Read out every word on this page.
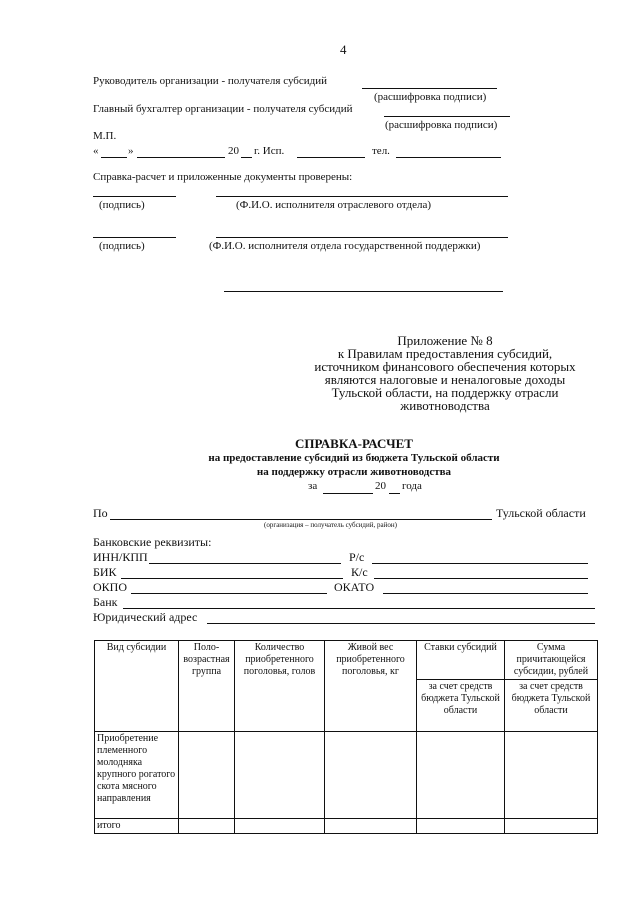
4
Руководитель организации - получателя субсидий
(расшифровка подписи)
Главный бухгалтер организации - получателя субсидий
(расшифровка подписи)
М.П.
«	»	20 г. Исп.	тел.
Справка-расчет и приложенные документы проверены:
(подпись)	(Ф.И.О. исполнителя отраслевого отдела)
(подпись)	(Ф.И.О. исполнителя отдела государственной поддержки)
Приложение № 8
к Правилам предоставления субсидий,
источником финансового обеспечения которых
являются налоговые и неналоговые доходы
Тульской области, на поддержку отрасли
животноводства
СПРАВКА-РАСЧЕТ
на предоставление субсидий из бюджета Тульской области
на поддержку отрасли животноводства
за	20 года
По	Тульской области
(организация – получатель субсидий, район)
Банковские реквизиты:
ИНН/КПП	Р/с
БИК	К/с
ОКПО	ОКАТО
Банк
Юридический адрес
Вид субсидии	Поло-возрастная группа	Количество приобретенного поголовья, голов	Живой вес приобретенного поголовья, кг	Ставки субсидий	Сумма причитающейся субсидии, рублей
				за счет средств бюджета Тульской области	за счет средств бюджета Тульской области
Приобретение племенного молодняка крупного рогатого скота мясного направления					
итого					
